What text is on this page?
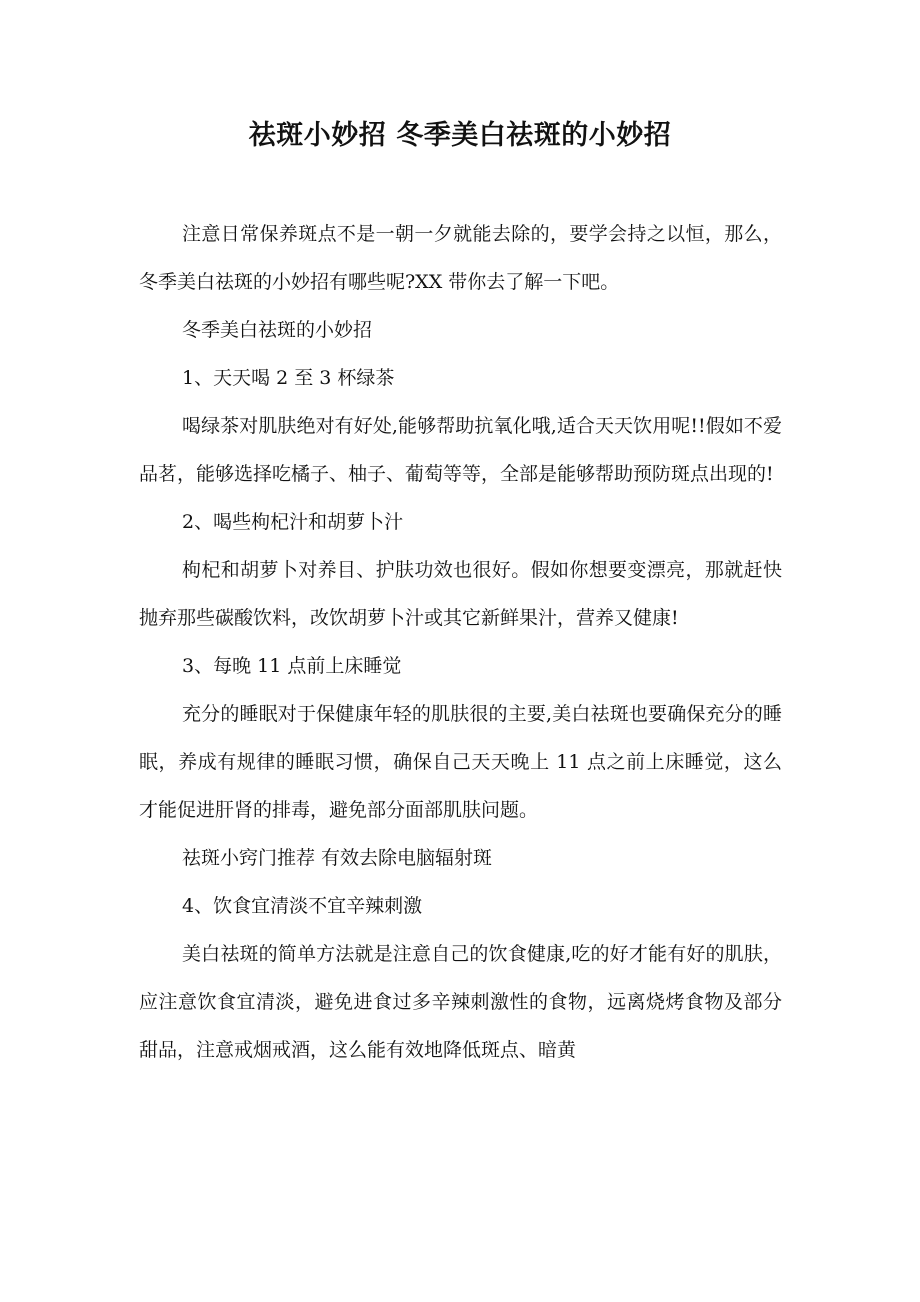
祛斑小妙招 冬季美白祛斑的小妙招

注意日常保养斑点不是一朝一夕就能去除的，要学会持之以恒，那么，冬季美白祛斑的小妙招有哪些呢?XX 带你去了解一下吧。

冬季美白祛斑的小妙招

1、天天喝 2 至 3 杯绿茶

喝绿茶对肌肤绝对有好处,能够帮助抗氧化哦,适合天天饮用呢!!假如不爱品茗，能够选择吃橘子、柚子、葡萄等等，全部是能够帮助预防斑点出现的!

2、喝些枸杞汁和胡萝卜汁

枸杞和胡萝卜对养目、护肤功效也很好。假如你想要变漂亮，那就赶快抛弃那些碳酸饮料，改饮胡萝卜汁或其它新鲜果汁，营养又健康!

3、每晚 11 点前上床睡觉

充分的睡眠对于保健康年轻的肌肤很的主要,美白祛斑也要确保充分的睡眠，养成有规律的睡眠习惯，确保自己天天晚上 11 点之前上床睡觉，这么才能促进肝肾的排毒，避免部分面部肌肤问题。

祛斑小窍门推荐 有效去除电脑辐射斑

4、饮食宜清淡不宜辛辣刺激

美白祛斑的简单方法就是注意自己的饮食健康,吃的好才能有好的肌肤，应注意饮食宜清淡，避免进食过多辛辣刺激性的食物，远离烧烤食物及部分甜品，注意戒烟戒酒，这么能有效地降低斑点、暗黄
